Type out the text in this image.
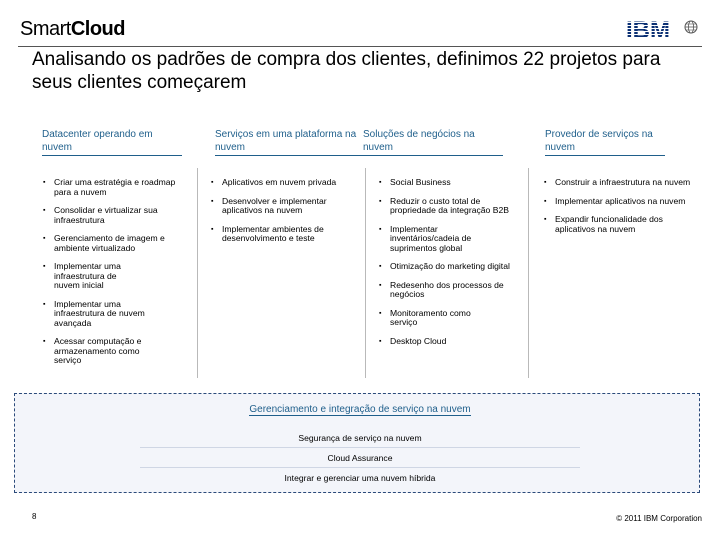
SmartCloud	IBM
Analisando os padrões de compra dos clientes, definimos 22 projetos para seus clientes começarem
Datacenter operando em nuvem
Serviços em uma plataforma na nuvem
Soluções de negócios na nuvem
Provedor de serviços na nuvem
▪ Criar uma estratégia e roadmap para a nuvem
▪ Consolidar e virtualizar sua infraestrutura
▪ Gerenciamento de imagem e ambiente virtualizado
▪ Implementar uma infraestrutura de nuvem inicial
▪ Implementar uma infraestrutura de nuvem avançada
▪ Acessar computação e armazenamento como serviço
▪ Aplicativos em nuvem privada
▪ Desenvolver e implementar aplicativos na nuvem
▪ Implementar ambientes de desenvolvimento e teste
▪ Social Business
▪ Reduzir o custo total de propriedade da integração B2B
▪ Implementar inventários/cadeia de suprimentos global
▪ Otimização do marketing digital
▪ Redesenho dos processos de negócios
▪ Monitoramento como serviço
▪ Desktop Cloud
▪ Construir a infraestrutura na nuvem
▪ Implementar aplicativos na nuvem
▪ Expandir funcionalidade dos aplicativos na nuvem
Gerenciamento e integração de serviço na nuvem
Segurança de serviço na nuvem
Cloud Assurance
Integrar e gerenciar uma nuvem híbrida
8	© 2011 IBM Corporation
